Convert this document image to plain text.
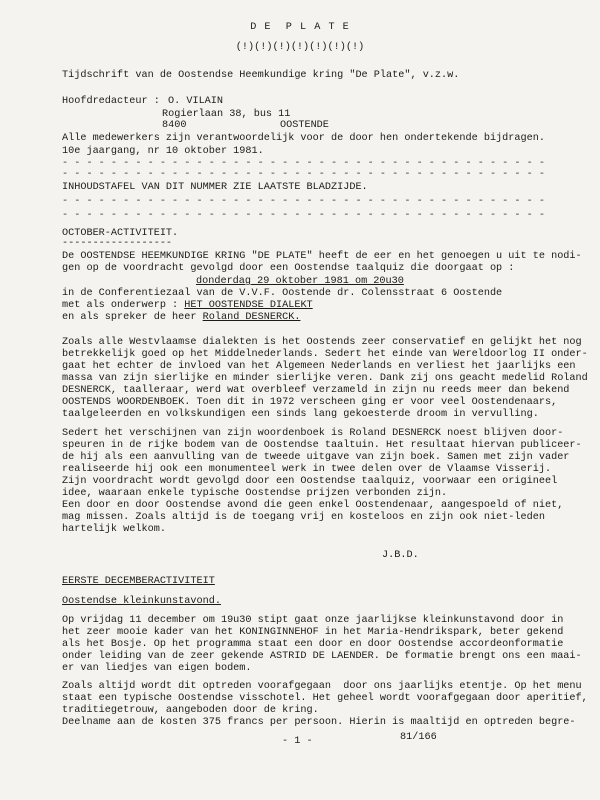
D E  P L A T E
(!)(!)(!)(!)(!)(!)(!)
Tijdschrift van de Oostendse Heemkundige kring "De Plate", v.z.w.
Hoofdredacteur : O. VILAIN
Rogierlaan 38, bus 11
8400	OOSTENDE
Alle medewerkers zijn verantwoordelijk voor de door hen ondertekende bijdragen.
10e jaargang, nr 10 oktober 1981.
- - - - - - - - - - - - - - - - - - - - - - - - - - - - - - - - - - - - - - - -
- - - - - - - - - - - - - - - - - - - - - - - - - - - - - - - - - - - - - - - -
INHOUDSTAFEL VAN DIT NUMMER ZIE LAATSTE BLADZIJDE.
- - - - - - - - - - - - - - - - - - - - - - - - - - - - - - - - - - - - - - - -
- - - - - - - - - - - - - - - - - - - - - - - - - - - - - - - - - - - - - - - -
OCTOBER-ACTIVITEIT.
------------------
De OOSTENDSE HEEMKUNDIGE KRING "DE PLATE" heeft de eer en het genoegen u uit te nodi-
gen op de voordracht gevolgd door een Oostendse taalquiz die doorgaat op :
donderdag 29 oktober 1981 om 20u30
in de Conferentiezaal van de V.V.F. Oostende dr. Colensstraat 6 Oostende
met als onderwerp : HET OOSTENDSE DIALEKT
en als spreker de heer Roland DESNERCK.
Zoals alle Westvlaamse dialekten is het Oostends zeer conservatief en gelijkt het nog
betrekkelijk goed op het Middelnederlands. Sedert het einde van Wereldoorlog II onder-
gaat het echter de invloed van het Algemeen Nederlands en verliest het jaarlijks een
massa van zijn sierlijke en minder sierlijke veren. Dank zij ons geacht medelid Roland
DESNERCK, taalleraar, werd wat overbleef verzameld in zijn nu reeds meer dan bekend
OOSTENDS WOORDENBOEK. Toen dit in 1972 verscheen ging er voor veel Oostendenaars,
taalgeleerden en volkskundigen een sinds lang gekoesterde droom in vervulling.
Sedert het verschijnen van zijn woordenboek is Roland DESNERCK noest blijven door-
speuren in de rijke bodem van de Oostendse taaltuin. Het resultaat hiervan publiceer-
de hij als een aanvulling van de tweede uitgave van zijn boek. Samen met zijn vader
realiseerde hij ook een monumenteel werk in twee delen over de Vlaamse Visserij.
Zijn voordracht wordt gevolgd door een Oostendse taalquiz, voorwaar een origineel
idee, waaraan enkele typische Oostendse prijzen verbonden zijn.
Een door en door Oostendse avond die geen enkel Oostendenaar, aangespoeld of niet,
mag missen. Zoals altijd is de toegang vrij en kosteloos en zijn ook niet-leden
hartelijk welkom.
J.B.D.
EERSTE DECEMBERACTIVITEIT
Oostendse kleinkunstavond.
Op vrijdag 11 december om 19u30 stipt gaat onze jaarlijkse kleinkunstavond door in
het zeer mooie kader van het KONINGINNEHOF in het Maria-Hendrikspark, beter gekend
als het Bosje. Op het programma staat een door en door Oostendse accordeonformatie
onder leiding van de zeer gekende ASTRID DE LAENDER. De formatie brengt ons een maai-
er van liedjes van eigen bodem.
Zoals altijd wordt dit optreden voorafgegaan  door ons jaarlijks etentje. Op het menu
staat een typische Oostendse visschotel. Het geheel wordt voorafgegaan door aperitief,
traditiegetrouw, aangeboden door de kring.
Deelname aan de kosten 375 francs per persoon. Hierin is maaltijd en optreden begre-
- 1 -	81/166
